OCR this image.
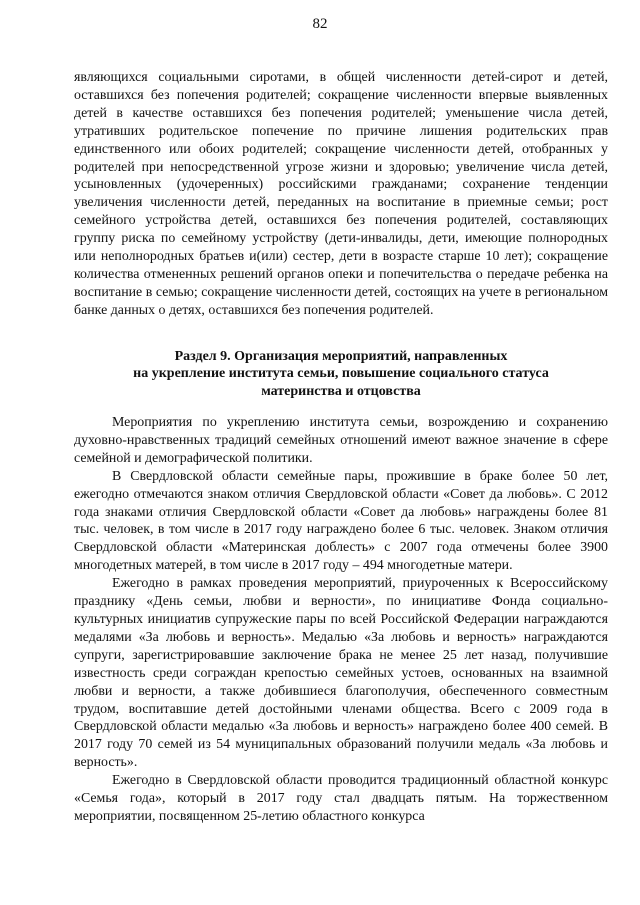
82

являющихся социальными сиротами, в общей численности детей-сирот и детей, оставшихся без попечения родителей; сокращение численности впервые выявленных детей в качестве оставшихся без попечения родителей; уменьшение числа детей, утративших родительское попечение по причине лишения родительских прав единственного или обоих родителей; сокращение численности детей, отобранных у родителей при непосредственной угрозе жизни и здоровью; увеличение числа детей, усыновленных (удочеренных) российскими гражданами; сохранение тенденции увеличения численности детей, переданных на воспитание в приемные семьи; рост семейного устройства детей, оставшихся без попечения родителей, составляющих группу риска по семейному устройству (дети-инвалиды, дети, имеющие полнородных или неполнородных братьев и(или) сестер, дети в возрасте старше 10 лет); сокращение количества отмененных решений органов опеки и попечительства о передаче ребенка на воспитание в семью; сокращение численности детей, состоящих на учете в региональном банке данных о детях, оставшихся без попечения родителей.

Раздел 9. Организация мероприятий, направленных
на укрепление института семьи, повышение социального статуса
материнства и отцовства

Мероприятия по укреплению института семьи, возрождению и сохранению духовно-нравственных традиций семейных отношений имеют важное значение в сфере семейной и демографической политики.

В Свердловской области семейные пары, прожившие в браке более 50 лет, ежегодно отмечаются знаком отличия Свердловской области «Совет да любовь». С 2012 года знаками отличия Свердловской области «Совет да любовь» награждены более 81 тыс. человек, в том числе в 2017 году награждено более 6 тыс. человек. Знаком отличия Свердловской области «Материнская доблесть» с 2007 года отмечены более 3900 многодетных матерей, в том числе в 2017 году – 494 многодетные матери.

Ежегодно в рамках проведения мероприятий, приуроченных к Всероссийскому празднику «День семьи, любви и верности», по инициативе Фонда социально-культурных инициатив супружеские пары по всей Российской Федерации награждаются медалями «За любовь и верность». Медалью «За любовь и верность» награждаются супруги, зарегистрировавшие заключение брака не менее 25 лет назад, получившие известность среди сограждан крепостью семейных устоев, основанных на взаимной любви и верности, а также добившиеся благополучия, обеспеченного совместным трудом, воспитавшие детей достойными членами общества. Всего с 2009 года в Свердловской области медалью «За любовь и верность» награждено более 400 семей. В 2017 году 70 семей из 54 муниципальных образований получили медаль «За любовь и верность».

Ежегодно в Свердловской области проводится традиционный областной конкурс «Семья года», который в 2017 году стал двадцать пятым. На торжественном мероприятии, посвященном 25-летию областного конкурса
